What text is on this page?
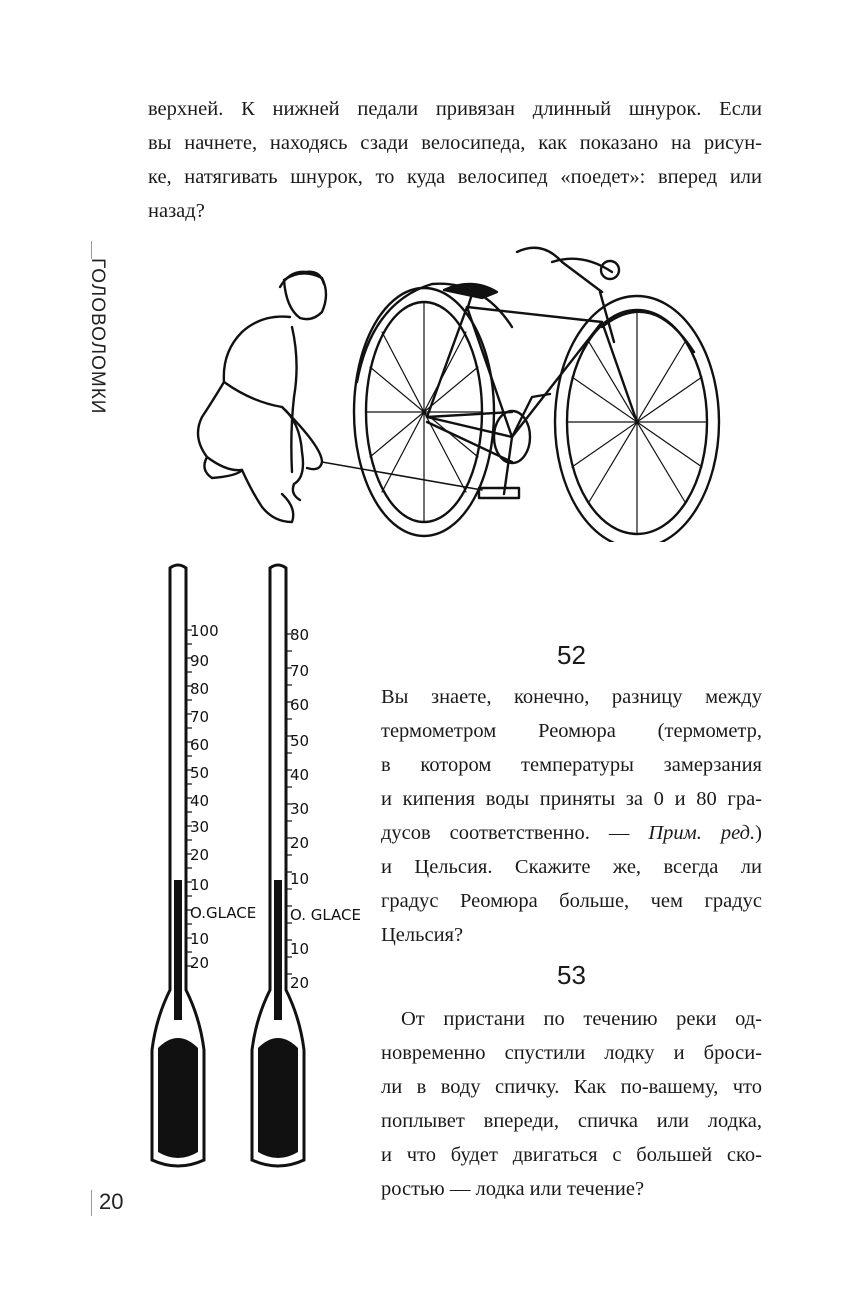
верхней. К нижней педали привязан длинный шнурок. Если
вы начнете, находясь сзади велосипеда, как показано на рисун-
ке, натягивать шнурок, то куда велосипед «поедет»: вперед или
назад?
ГОЛОВОЛОМКИ
100
90
80
70
60
50
40
30
20
10
O.GLACE
10
20
80
70
60
50
40
30
20
10
O. GLACE
10
20
52
Вы знаете, конечно, разницу между
термометром Реомюра (термометр,
в котором температуры замерзания
и кипения воды приняты за 0 и 80 гра-
дусов соответственно. — Прим. ред.)
и Цельсия. Скажите же, всегда ли
градус Реомюра больше, чем градус
Цельсия?
53
От пристани по течению реки од-
новременно спустили лодку и броси-
ли в воду спичку. Как по-вашему, что
поплывет впереди, спичка или лодка,
и что будет двигаться с большей ско-
ростью — лодка или течение?
20
